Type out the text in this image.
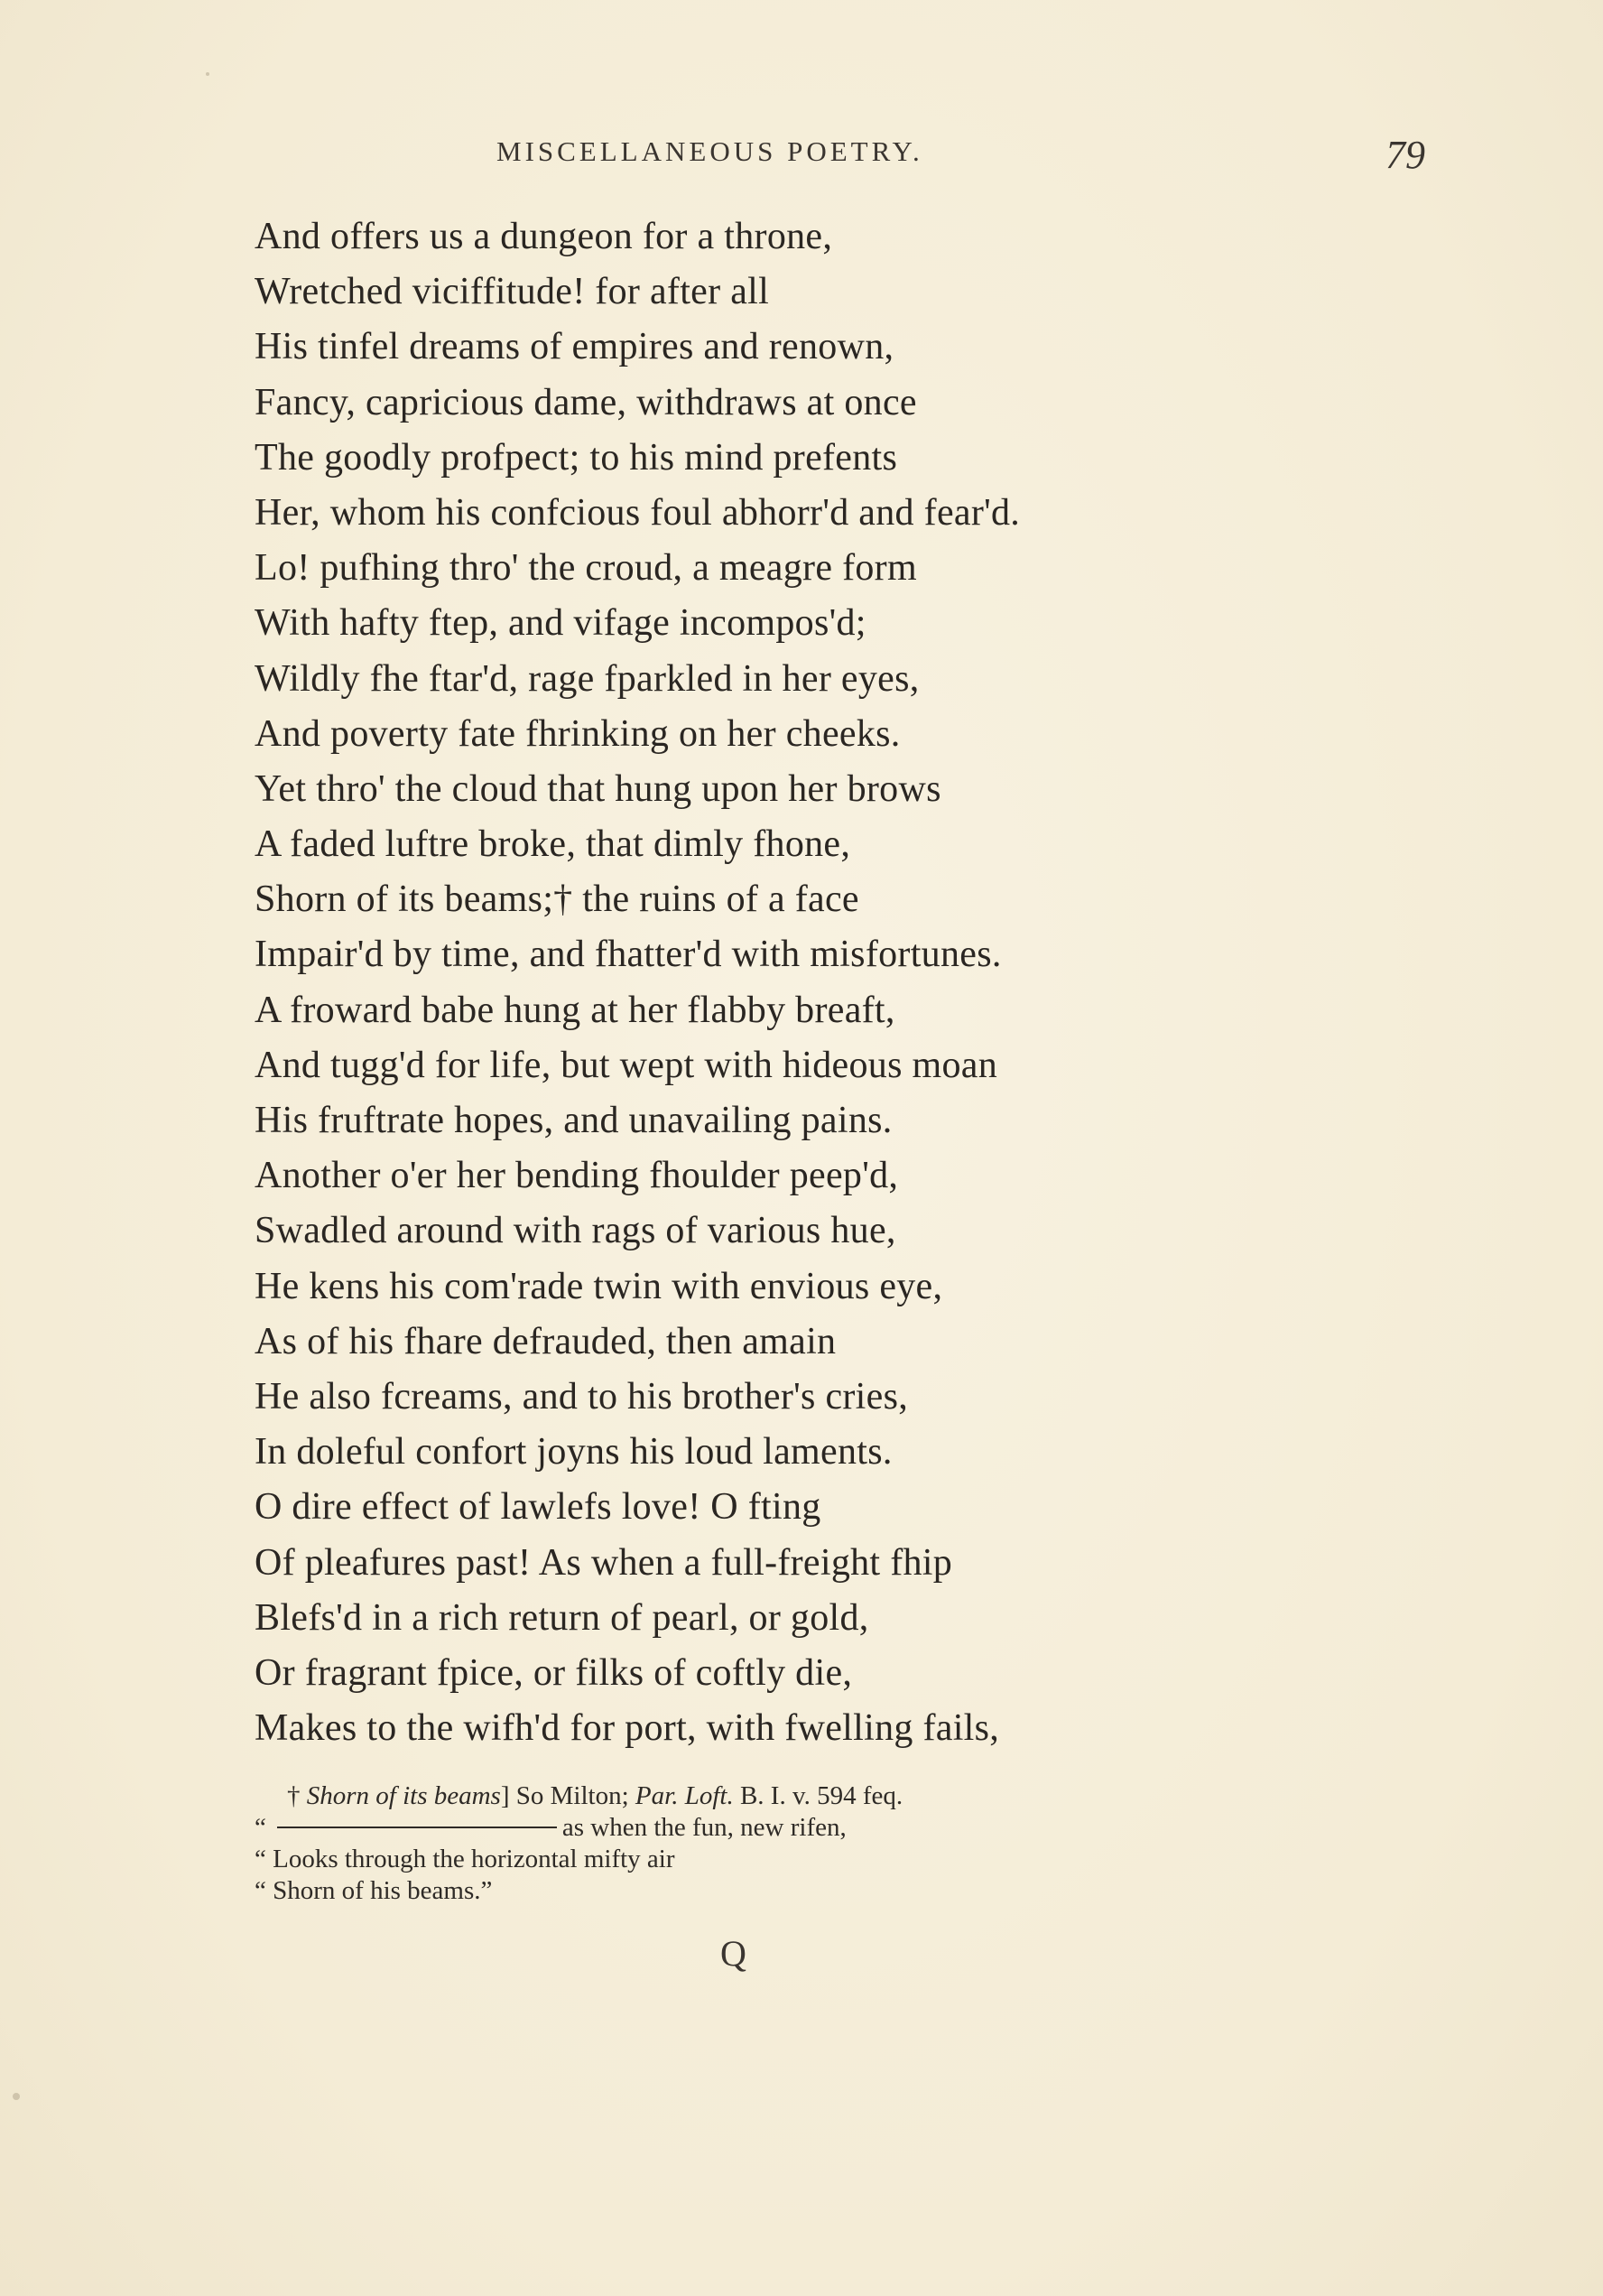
MISCELLANEOUS POETRY.	79
And offers us a dungeon for a throne,
Wretched viciffitude! for after all
His tinfel dreams of empires and renown,
Fancy, capricious dame, withdraws at once
The goodly profpect; to his mind prefents
Her, whom his confcious foul abhorr'd and fear'd.
Lo! pufhing thro' the croud, a meagre form
With hafty ftep, and vifage incompos'd;
Wildly fhe ftar'd, rage fparkled in her eyes,
And poverty fate fhrinking on her cheeks.
Yet thro' the cloud that hung upon her brows
A faded luftre broke, that dimly fhone,
Shorn of its beams;† the ruins of a face
Impair'd by time, and fhatter'd with misfortunes.
A froward babe hung at her flabby breaft,
And tugg'd for life, but wept with hideous moan
His fruftrate hopes, and unavailing pains.
Another o'er her bending fhoulder peep'd,
Swadled around with rags of various hue,
He kens his com'rade twin with envious eye,
As of his fhare defrauded, then amain
He also fcreams, and to his brother's cries,
In doleful confort joyns his loud laments.
O dire effect of lawlefs love! O fting
Of pleafures past! As when a full-freight fhip
Blefs'd in a rich return of pearl, or gold,
Or fragrant fpice, or filks of coftly die,
Makes to the wifh'd for port, with fwelling fails,
† Shorn of its beams] So Milton; Par. Loft. B. I. v. 594 feq.
“	as when the fun, new rifen,
“ Looks through the horizontal mifty air
“ Shorn of his beams.”
Q
